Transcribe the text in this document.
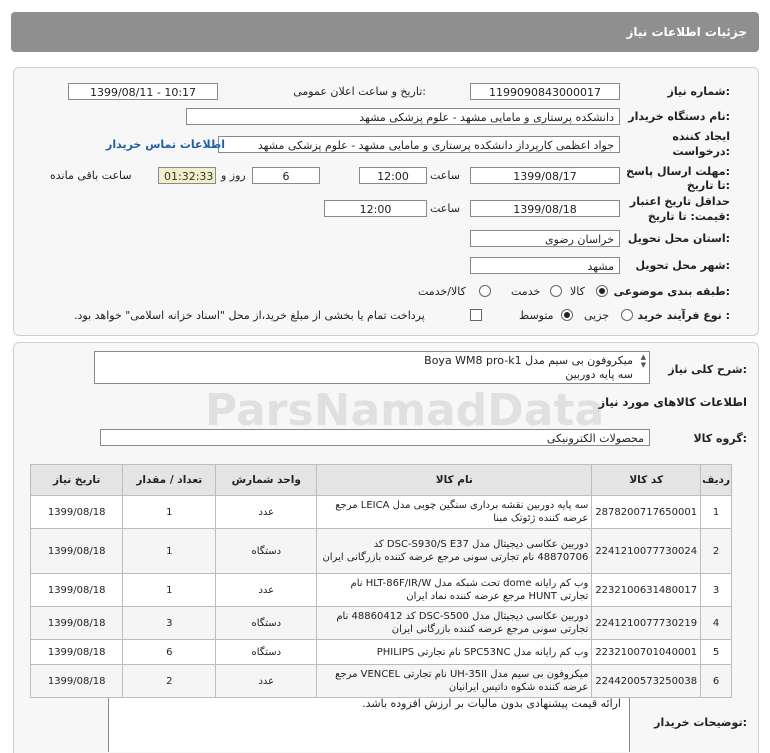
جزئیات اطلاعات نیاز
شماره نیاز:
1199090843000017
تاریخ و ساعت اعلان عمومی:
1399/08/11 - 10:17
نام دستگاه خریدار:
دانشکده پرستاری و مامایی مشهد - علوم پزشکی مشهد
ایجاد کننده
درخواست:
جواد اعظمی کارپرداز دانشکده پرستاری و مامایی مشهد - علوم پزشکی مشهد
اطلاعات تماس خریدار
مهلت ارسال پاسخ:
تا تاریخ:
1399/08/17
ساعت
12:00
6
روز و
01:32:33
ساعت باقی مانده
حداقل تاریخ اعتبار
قیمت: تا تاریخ:
1399/08/18
ساعت
12:00
استان محل تحویل:
خراسان رضوی
شهر محل تحویل:
مشهد
طبقه بندی موضوعی:
کالا
خدمت
کالا/خدمت
نوع فرآیند خرید :
جزیی
متوسط
پرداخت تمام یا بخشی از مبلغ خرید،از محل "اسناد خزانه اسلامی" خواهد بود.
شرح کلی نیاز:
میکروفون بی سیم مدل Boya WM8 pro-k1
سه پایه دوربین
▲
▼
اطلاعات کالاهای مورد نیاز
گروه کالا:
محصولات الکترونیکی
توضیحات خریدار:
ارائه قیمت پیشنهادی بدون مالیات بر ارزش افزوده باشد.
ردیف	کد کالا	نام کالا	واحد شمارش	تعداد / مقدار	تاریخ نیاز
1	2878200717650001	سه پایه دوربین نقشه برداری سنگین چوبی مدل LEICA مرجع عرضه کننده ژئوتک مبنا	عدد	1	1399/08/18
2	2241210077730024	دوربین عکاسی دیجیتال مدل DSC-S930/S E37 کد 48870706 نام تجارتی سونی مرجع عرضه کننده بازرگانی ایران	دستگاه	1	1399/08/18
3	2232100631480017	وب کم رایانه dome تحت شبکه مدل HLT-86F/IR/W نام تجارتی HUNT مرجع عرضه کننده نماد ایران	عدد	1	1399/08/18
4	2241210077730219	دوربین عکاسی دیجیتال مدل DSC-S500 کد 48860412 نام تجارتی سونی مرجع عرضه کننده بازرگانی ایران	دستگاه	3	1399/08/18
5	2232100701040001	وب کم رایانه مدل SPC53NC نام تجارتی PHILIPS	دستگاه	6	1399/08/18
6	2244200573250038	میکروفون بی سیم مدل UH-35II نام تجارتی VENCEL مرجع عرضه کننده شکوه داتیس ایرانیان	عدد	2	1399/08/18
